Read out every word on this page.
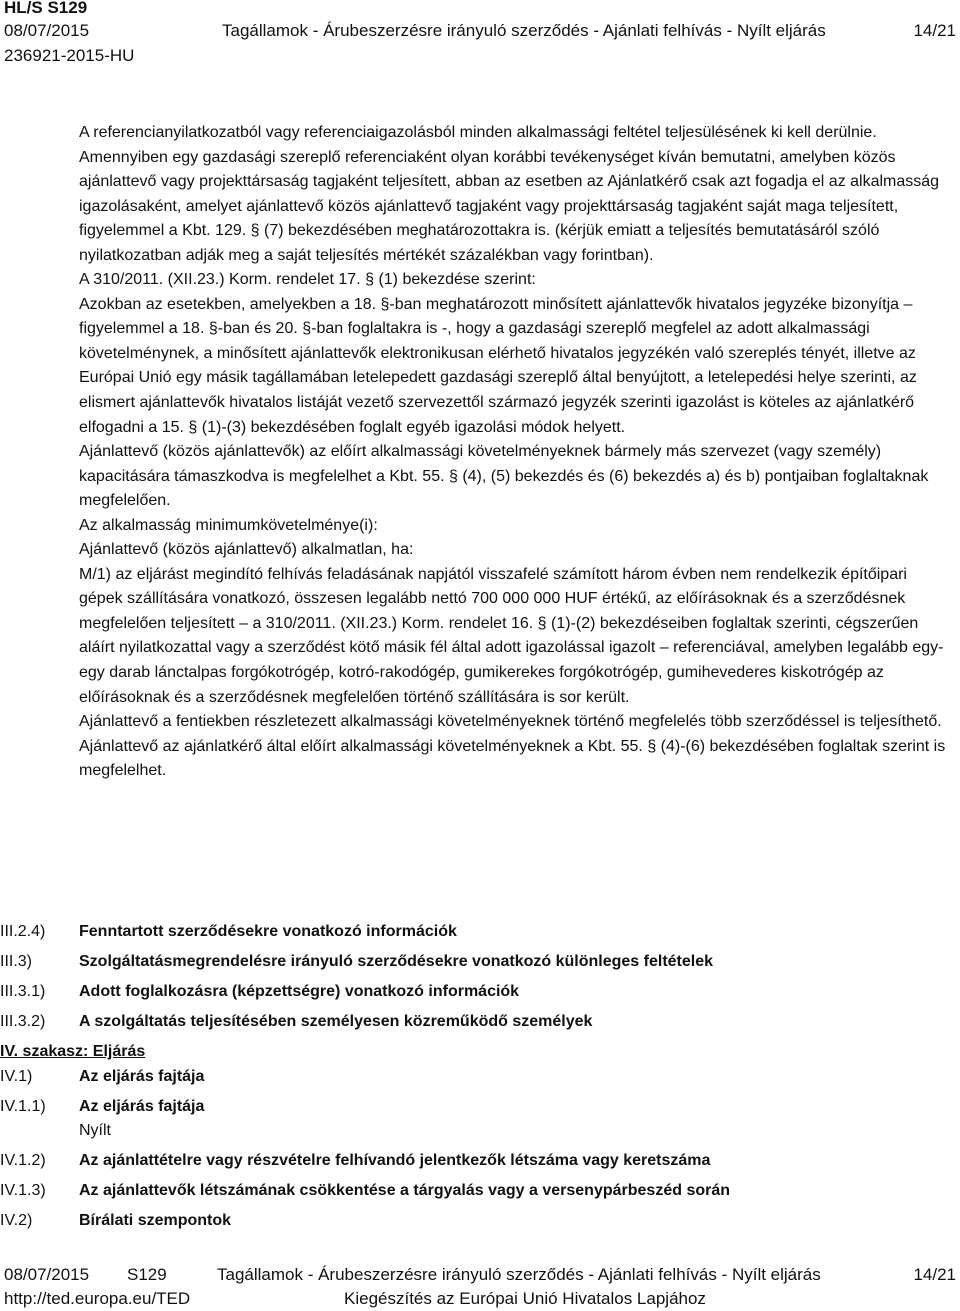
HL/S S129
08/07/2015	Tagállamok - Árubeszerzésre irányuló szerződés - Ajánlati felhívás - Nyílt eljárás	14/21
236921-2015-HU

A referencianyilatkozatból vagy referenciaigazolásból minden alkalmassági feltétel teljesülésének ki kell derülnie.

Amennyiben egy gazdasági szereplő referenciaként olyan korábbi tevékenységet kíván bemutatni, amelyben közös ajánlattevő vagy projekttársaság tagjaként teljesített, abban az esetben az Ajánlatkérő csak azt fogadja el az alkalmasság igazolásaként, amelyet ajánlattevő közös ajánlattevő tagjaként vagy projekttársaság tagjaként saját maga teljesített, figyelemmel a Kbt. 129. § (7) bekezdésében meghatározottakra is. (kérjük emiatt a teljesítés bemutatásáról szóló nyilatkozatban adják meg a saját teljesítés mértékét százalékban vagy forintban).

A 310/2011. (XII.23.) Korm. rendelet 17. § (1) bekezdése szerint:

Azokban az esetekben, amelyekben a 18. §-ban meghatározott minősített ajánlattevők hivatalos jegyzéke bizonyítja – figyelemmel a 18. §-ban és 20. §-ban foglaltakra is -, hogy a gazdasági szereplő megfelel az adott alkalmassági követelménynek, a minősített ajánlattevők elektronikusan elérhető hivatalos jegyzékén való szereplés tényét, illetve az Európai Unió egy másik tagállamában letelepedett gazdasági szereplő által benyújtott, a letelepedési helye szerinti, az elismert ajánlattevők hivatalos listáját vezető szervezettől származó jegyzék szerinti igazolást is köteles az ajánlatkérő elfogadni a 15. § (1)-(3) bekezdésében foglalt egyéb igazolási módok helyett.

Ajánlattevő (közös ajánlattevők) az előírt alkalmassági követelményeknek bármely más szervezet (vagy személy) kapacitására támaszkodva is megfelelhet a Kbt. 55. § (4), (5) bekezdés és (6) bekezdés a) és b) pontjaiban foglaltaknak megfelelően.

Az alkalmasság minimumkövetelménye(i):

Ajánlattevő (közös ajánlattevő) alkalmatlan, ha:

M/1) az eljárást megindító felhívás feladásának napjától visszafelé számított három évben nem rendelkezik építőipari gépek szállítására vonatkozó, összesen legalább nettó 700 000 000 HUF értékű, az előírásoknak és a szerződésnek megfelelően teljesített – a 310/2011. (XII.23.) Korm. rendelet 16. § (1)-(2) bekezdéseiben foglaltak szerinti, cégszerűen aláírt nyilatkozattal vagy a szerződést kötő másik fél által adott igazolással igazolt – referenciával, amelyben legalább egy-egy darab lánctalpas forgókotrógép, kotró-rakodógép, gumikerekes forgókotrógép, gumihevederes kiskotrógép az előírásoknak és a szerződésnek megfelelően történő szállítására is sor került.

Ajánlattevő a fentiekben részletezett alkalmassági követelményeknek történő megfelelés több szerződéssel is teljesíthető.

Ajánlattevő az ajánlatkérő által előírt alkalmassági követelményeknek a Kbt. 55. § (4)-(6) bekezdésében foglaltak szerint is megfelelhet.

III.2.4) Fenntartott szerződésekre vonatkozó információk
III.3)	Szolgáltatásmegrendelésre irányuló szerződésekre vonatkozó különleges feltételek
III.3.1) Adott foglalkozásra (képzettségre) vonatkozó információk
III.3.2) A szolgáltatás teljesítésében személyesen közreműködő személyek
IV. szakasz: Eljárás
IV.1)	Az eljárás fajtája
IV.1.1) Az eljárás fajtája
Nyílt
IV.1.2) Az ajánlattételre vagy részvételre felhívandó jelentkezők létszáma vagy keretszáma
IV.1.3) Az ajánlattevők létszámának csökkentése a tárgyalás vagy a versenypárbeszéd során
IV.2)	Bírálati szempontok
08/07/2015 S129	Tagállamok - Árubeszerzésre irányuló szerződés - Ajánlati felhívás - Nyílt eljárás	14/21
http://ted.europa.eu/TED	Kiegészítés az Európai Unió Hivatalos Lapjához
